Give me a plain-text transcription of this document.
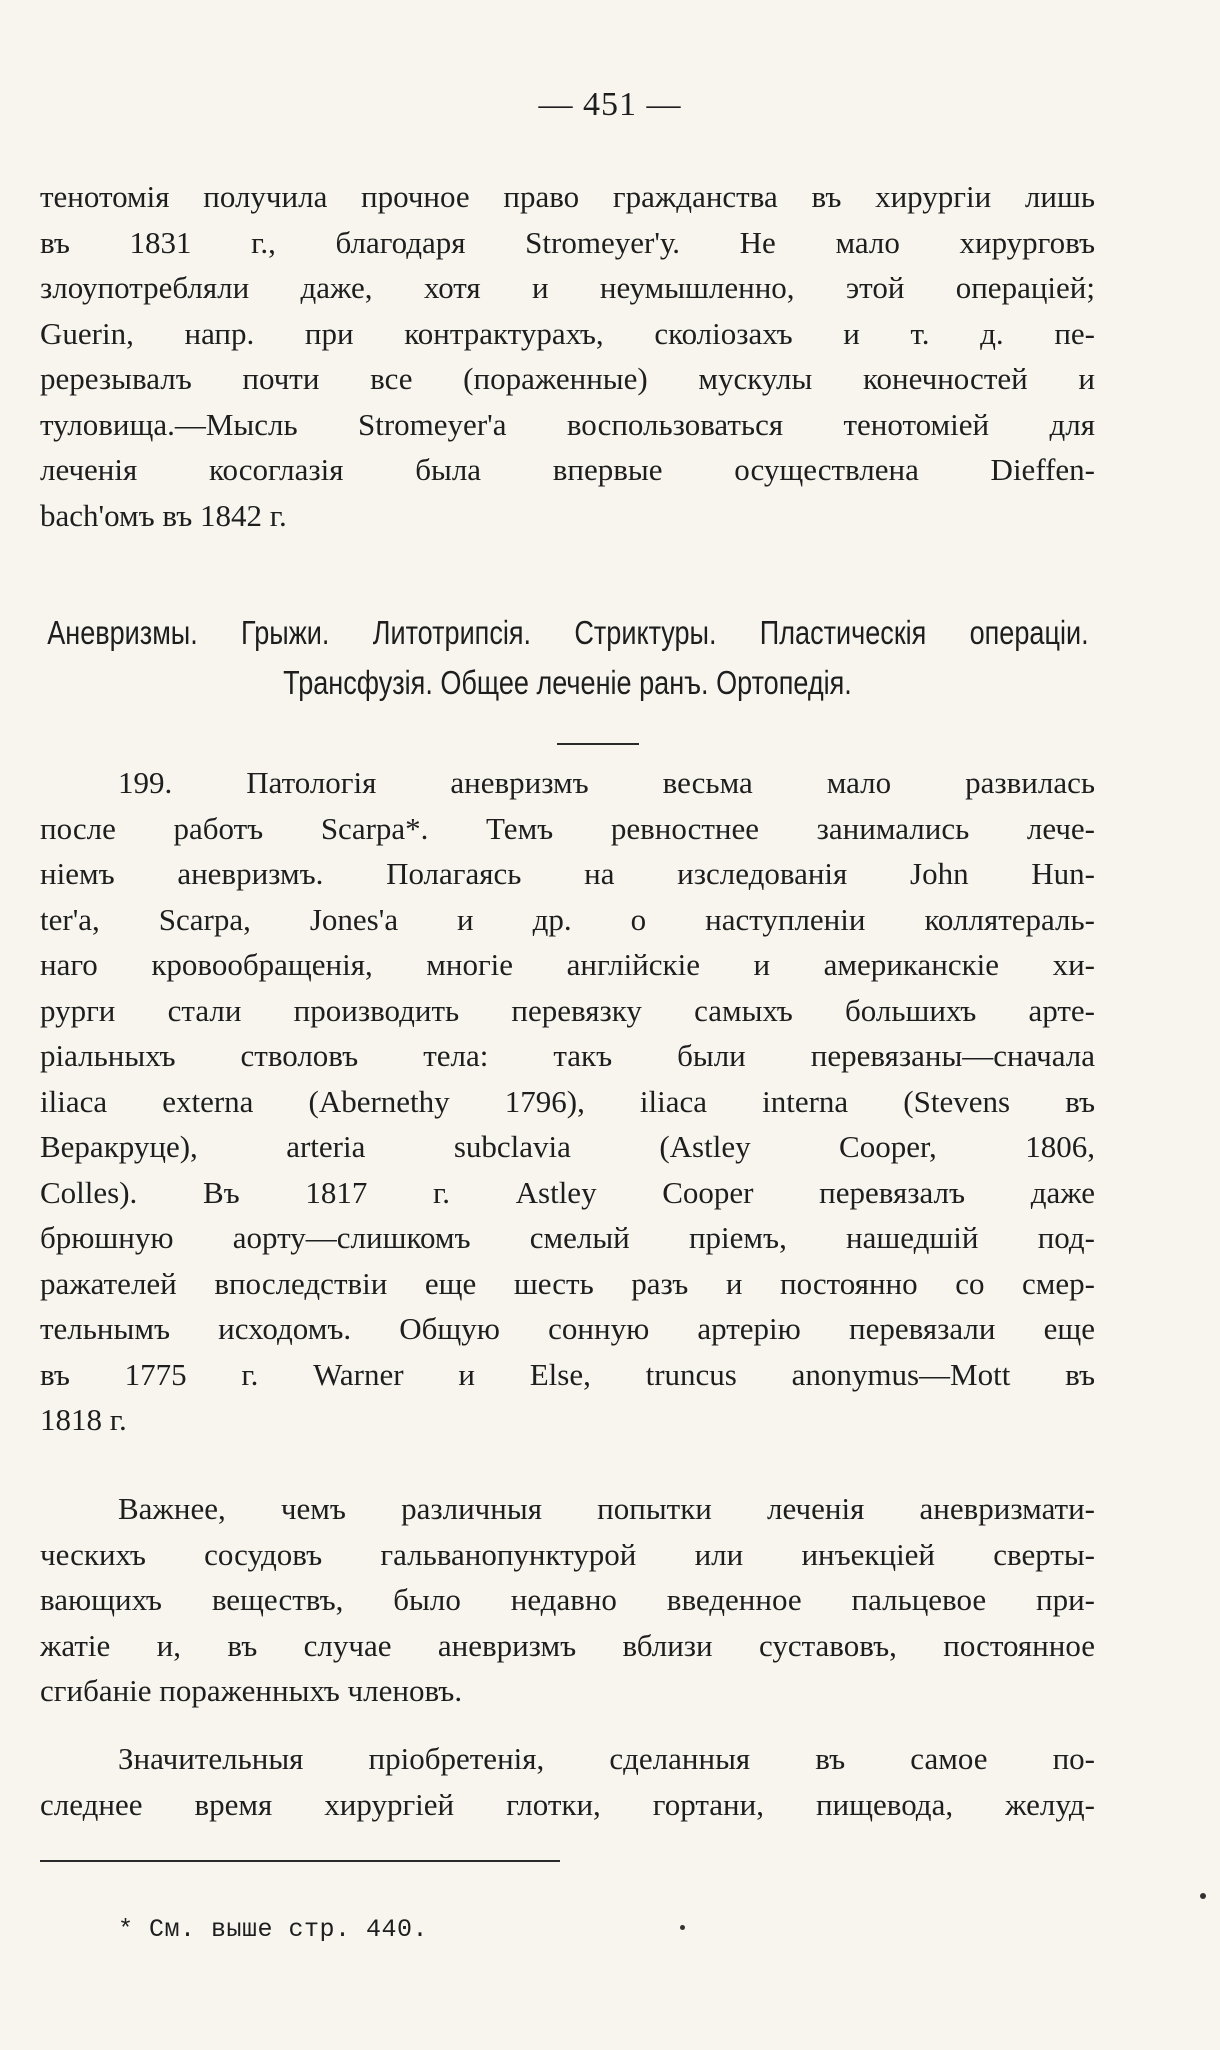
— 451 —
тенотомія получила прочное право гражданства въ хирургіи лишь
въ 1831 г., благодаря Stromeyer'у. Не мало хирурговъ
злоупотребляли даже, хотя и неумышленно, этой операціей;
Guerin, напр. при контрактурахъ, сколіозахъ и т. д. пе-
ререзывалъ почти все (пораженные) мускулы конечностей и
туловища.—Мысль Stromeyer'а воспользоваться тенотоміей для
леченія косоглазія была впервые осуществлена Dieffen-
bach'омъ въ 1842 г.
Аневризмы. Грыжи. Литотрипсія. Стриктуры. Пластическія операціи.
Трансфузія. Общее леченіе ранъ. Ортопедія.
199. Патологія аневризмъ весьма мало развилась
после работъ Scarpa*. Темъ ревностнее занимались лече-
ніемъ аневризмъ. Полагаясь на изследованія John Hun-
ter'а, Scarpa, Jones'а и др. о наступленіи коллятераль-
наго кровообращенія, многіе англійскіе и американскіе хи-
рурги стали производить перевязку самыхъ большихъ арте-
ріальныхъ стволовъ тела: такъ были перевязаны—сначала
iliaca externa (Abernethy 1796), iliaca interna (Stevens въ
Веракруце), arteria subclavia (Astley Cooper, 1806,
Colles). Въ 1817 г. Astley Cooper перевязалъ даже
брюшную аорту—слишкомъ смелый пріемъ, нашедшій под-
ражателей впоследствіи еще шесть разъ и постоянно со смер-
тельнымъ исходомъ. Общую сонную артерію перевязали еще
въ 1775 г. Warner и Else, truncus anonymus—Mott въ
1818 г.
Важнее, чемъ различныя попытки леченія аневризмати-
ческихъ сосудовъ гальванопунктурой или инъекціей сверты-
вающихъ веществъ, было недавно введенное пальцевое при-
жатіе и, въ случае аневризмъ вблизи суставовъ, постоянное
сгибаніе пораженныхъ членовъ.
Значительныя пріобретенія, сделанныя въ самое по-
следнее время хирургіей глотки, гортани, пищевода, желуд-
* См. выше стр. 440.
